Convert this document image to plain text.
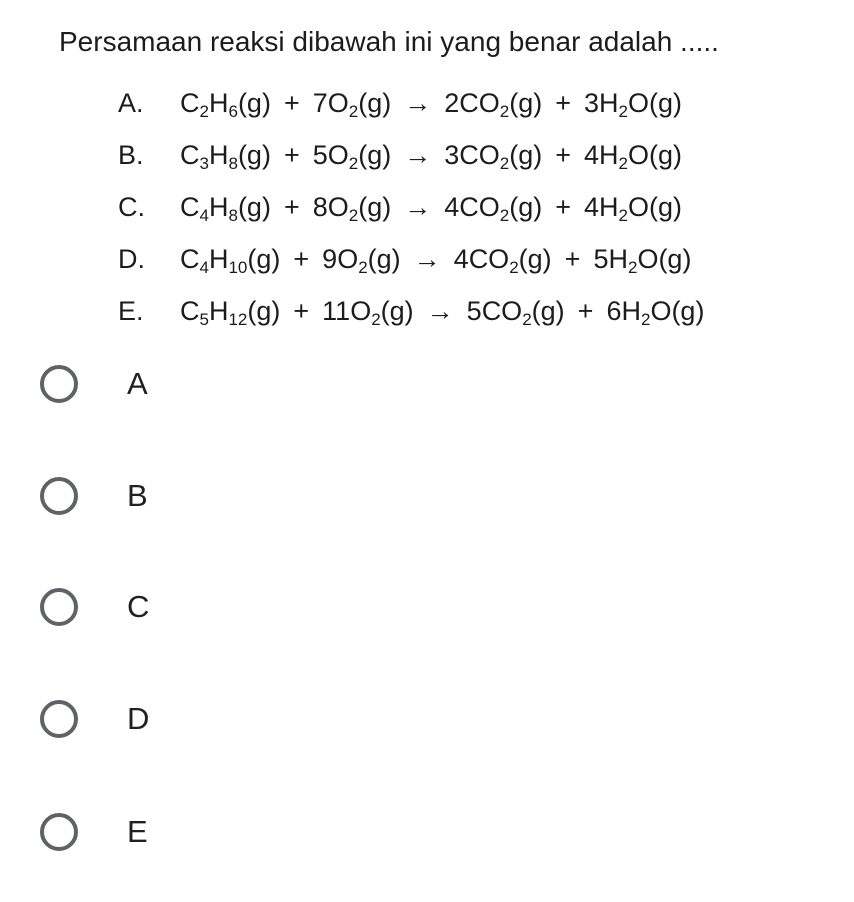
Persamaan reaksi dibawah ini yang benar adalah .....
A.	$C_2H_6(g) + 7O_2(g) \to 2CO_2(g) + 3H_2O(g)$
B.	$C_3H_8(g) + 5O_2(g) \to 3CO_2(g) + 4H_2O(g)$
C.	$C_4H_8(g) + 8O_2(g) \to 4CO_2(g) + 4H_2O(g)$
D.	$C_4H_{10}(g) + 9O_2(g) \to 4CO_2(g) + 5H_2O(g)$
E.	$C_5H_{12}(g) + 11O_2(g) \to 5CO_2(g) + 6H_2O(g)$
A
B
C
D
E
